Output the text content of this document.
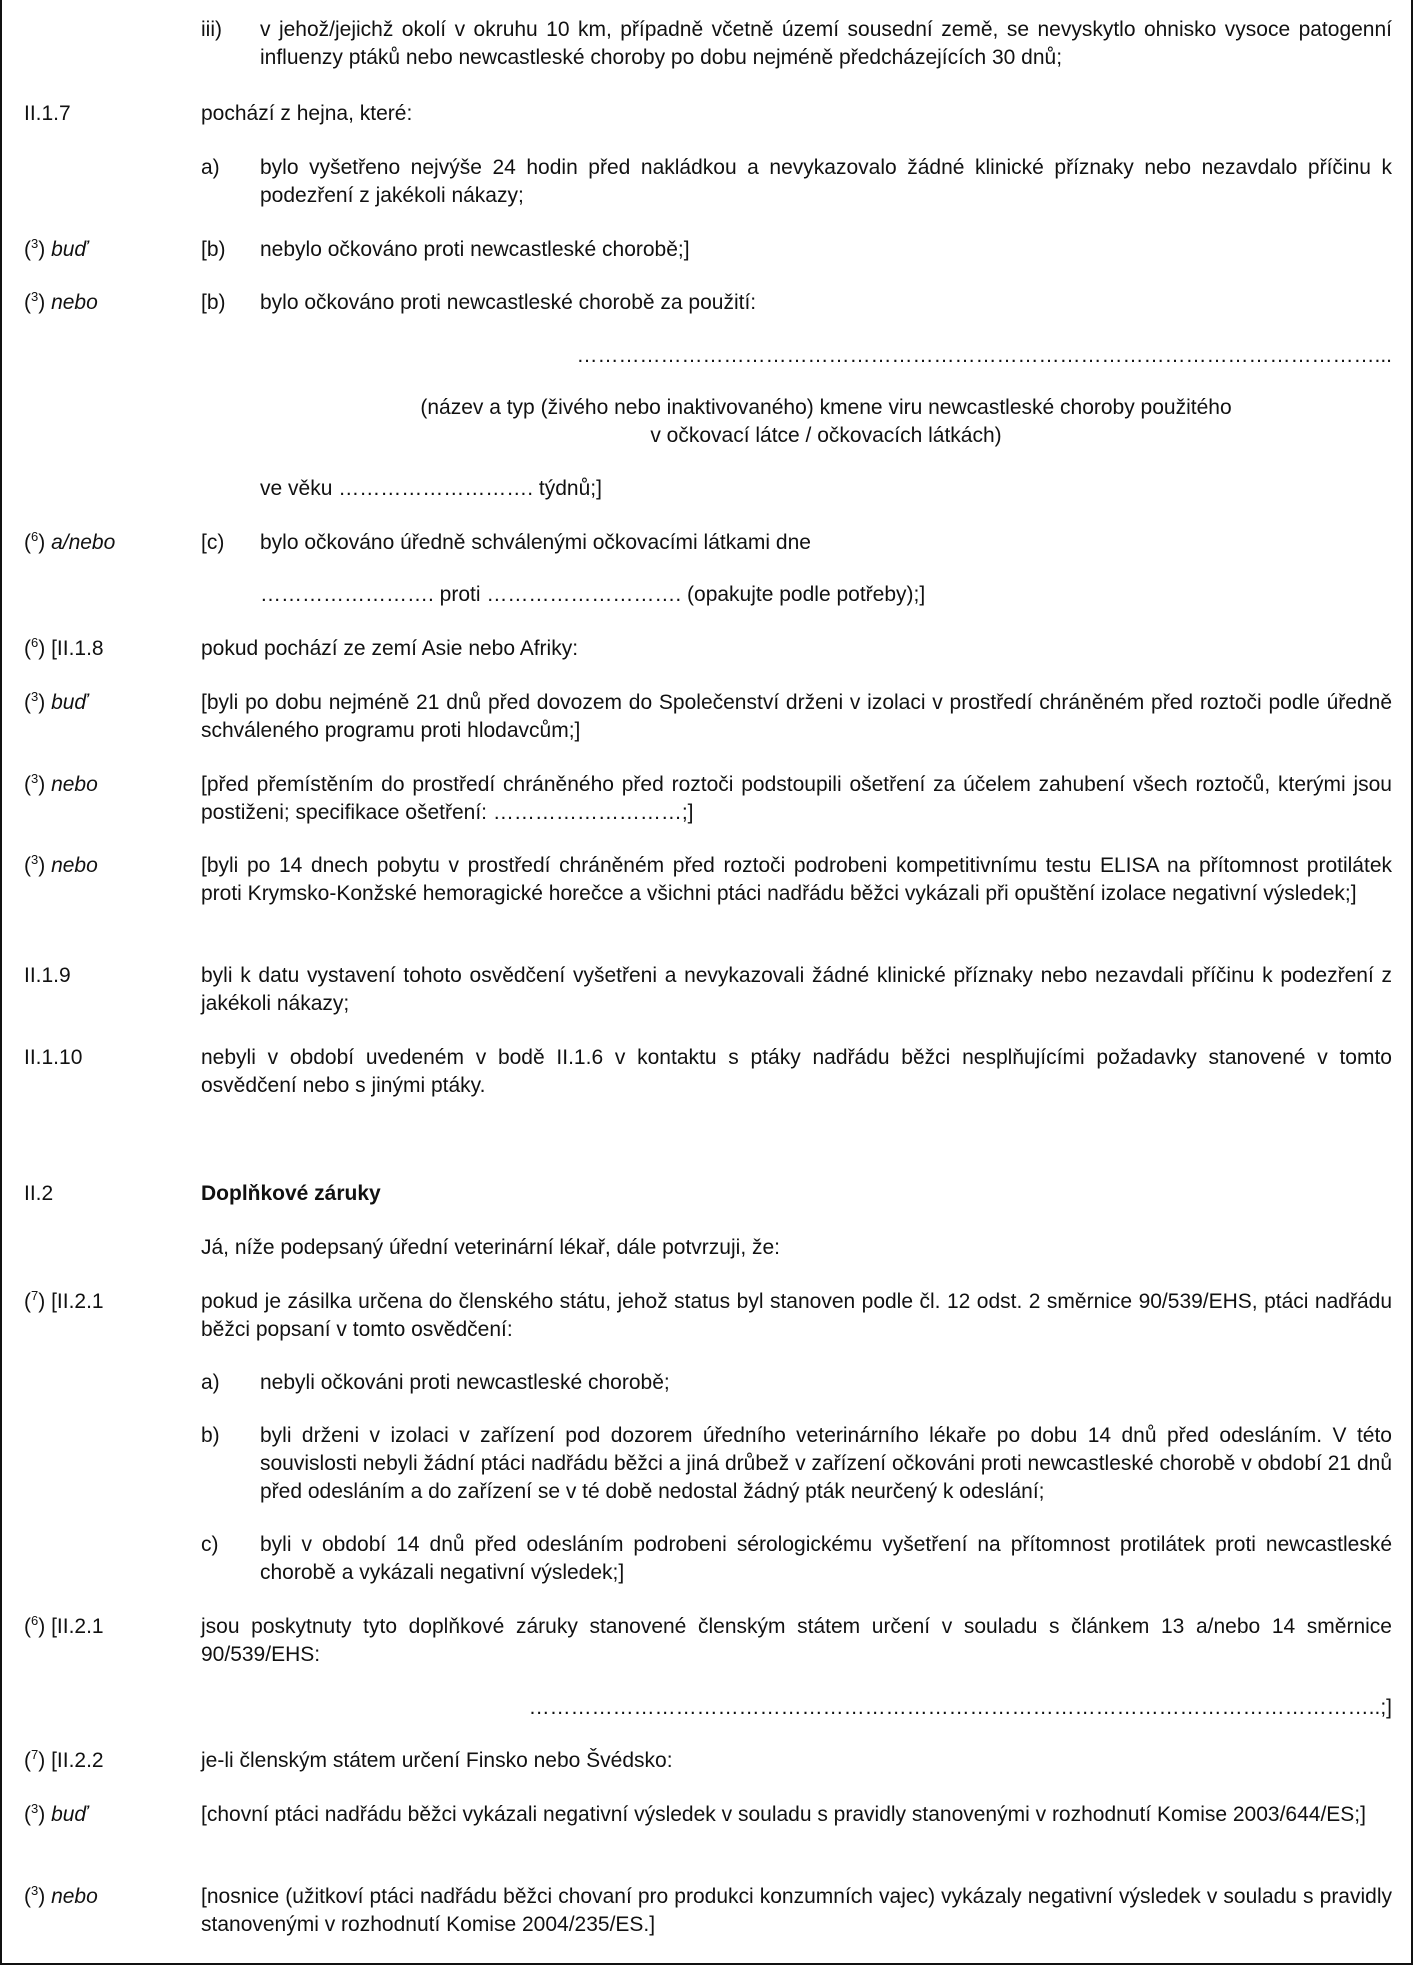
iii) v jehož/jejichž okolí v okruhu 10 km, případně včetně území sousední země, se nevyskytlo ohnisko vysoce patogenní influenzy ptáků nebo newcastleské choroby po dobu nejméně předcházejících 30 dnů;
II.1.7	pochází z hejna, které:
a) bylo vyšetřeno nejvýše 24 hodin před nakládkou a nevykazovalo žádné klinické příznaky nebo nezavdalo příčinu k podezření z jakékoli nákazy;
($^3$) buď	[b) nebylo očkováno proti newcastleské chorobě;]
($^3$) nebo	[b) bylo očkováno proti newcastleské chorobě za použití:
……………………………………………………………………………………………………...
(název a typ (živého nebo inaktivovaného) kmene viru newcastleské choroby použitého
v očkovací látce / očkovacích látkách)
ve věku ………………………. týdnů;]
($^6$) a/nebo	[c) bylo očkováno úředně schválenými očkovacími látkami dne
……………………. proti ………………………. (opakujte podle potřeby);]
($^6$) [II.1.8	pokud pochází ze zemí Asie nebo Afriky:
($^3$) buď	[byli po dobu nejméně 21 dnů před dovozem do Společenství drženi v izolaci v prostředí chráněném před roztoči podle úředně schváleného programu proti hlodavcům;]
($^3$) nebo	[před přemístěním do prostředí chráněného před roztoči podstoupili ošetření za účelem zahubení všech roztočů, kterými jsou postiženi; specifikace ošetření: ………………………;]
($^3$) nebo	[byli po 14 dnech pobytu v prostředí chráněném před roztoči podrobeni kompetitivnímu testu ELISA na přítomnost protilátek proti Krymsko-Konžské hemoragické horečce a všichni ptáci nadřádu běžci vykázali při opuštění izolace negativní výsledek;]
II.1.9	byli k datu vystavení tohoto osvědčení vyšetřeni a nevykazovali žádné klinické příznaky nebo nezavdali příčinu k podezření z jakékoli nákazy;
II.1.10	nebyli v období uvedeném v bodě II.1.6 v kontaktu s ptáky nadřádu běžci nesplňujícími požadavky stanovené v tomto osvědčení nebo s jinými ptáky.
II.2	Doplňkové záruky
Já, níže podepsaný úřední veterinární lékař, dále potvrzuji, že:
($^7$) [II.2.1	pokud je zásilka určena do členského státu, jehož status byl stanoven podle čl. 12 odst. 2 směrnice 90/539/EHS, ptáci nadřádu běžci popsaní v tomto osvědčení:
a) nebyli očkováni proti newcastleské chorobě;
b) byli drženi v izolaci v zařízení pod dozorem úředního veterinárního lékaře po dobu 14 dnů před odesláním. V této souvislosti nebyli žádní ptáci nadřádu běžci a jiná drůbež v zařízení očkováni proti newcastleské chorobě v období 21 dnů před odesláním a do zařízení se v té době nedostal žádný pták neurčený k odeslání;
c) byli v období 14 dnů před odesláním podrobeni sérologickému vyšetření na přítomnost protilátek proti newcastleské chorobě a vykázali negativní výsledek;]
($^6$) [II.2.1	jsou poskytnuty tyto doplňkové záruky stanovené členským státem určení v souladu s článkem 13 a/nebo 14 směrnice 90/539/EHS:
…………………………………………………………………………………………………………..;]
($^7$) [II.2.2	je-li členským státem určení Finsko nebo Švédsko:
($^3$) buď	[chovní ptáci nadřádu běžci vykázali negativní výsledek v souladu s pravidly stanovenými v rozhodnutí Komise 2003/644/ES;]
($^3$) nebo	[nosnice (užitkoví ptáci nadřádu běžci chovaní pro produkci konzumních vajec) vykázaly negativní výsledek v souladu s pravidly stanovenými v rozhodnutí Komise 2004/235/ES.]
